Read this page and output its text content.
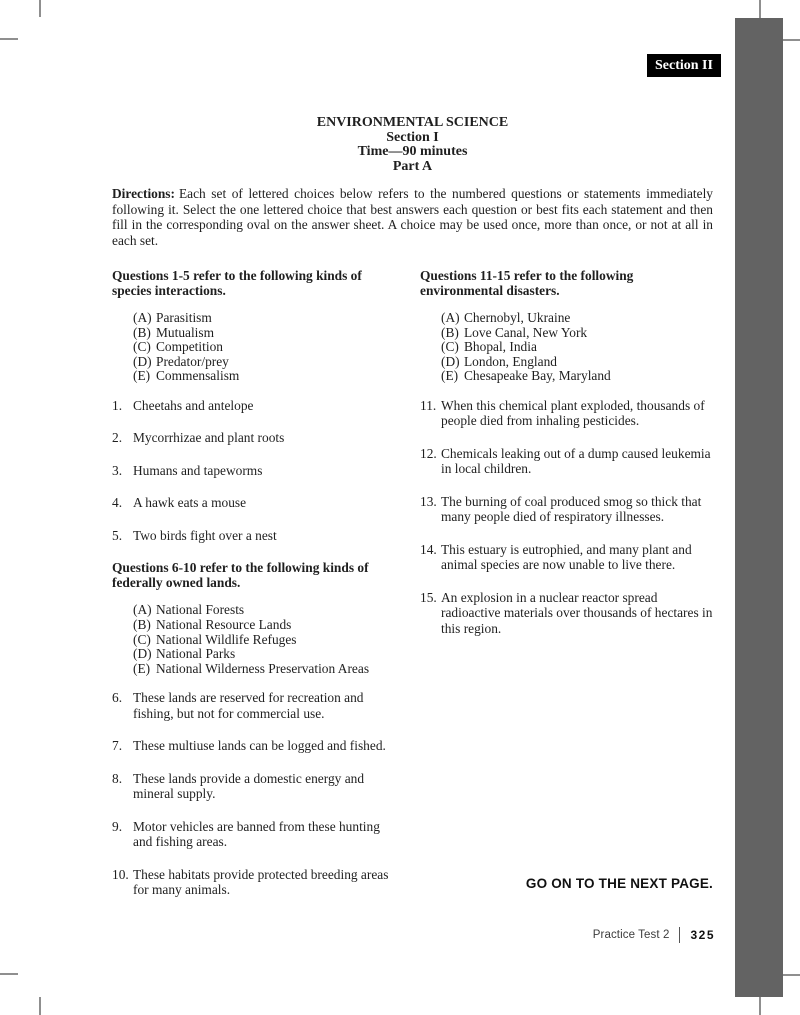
Section II
ENVIRONMENTAL SCIENCE
Section I
Time—90 minutes
Part A

Directions: Each set of lettered choices below refers to the numbered questions or statements immediately following it. Select the one lettered choice that best answers each question or best fits each statement and then fill in the corresponding oval on the answer sheet. A choice may be used once, more than once, or not at all in each set.

Questions 1-5 refer to the following kinds of species interactions.
(A) Parasitism
(B) Mutualism
(C) Competition
(D) Predator/prey
(E) Commensalism
1. Cheetahs and antelope
2. Mycorrhizae and plant roots
3. Humans and tapeworms
4. A hawk eats a mouse
5. Two birds fight over a nest
Questions 6-10 refer to the following kinds of federally owned lands.
(A) National Forests
(B) National Resource Lands
(C) National Wildlife Refuges
(D) National Parks
(E) National Wilderness Preservation Areas
6. These lands are reserved for recreation and fishing, but not for commercial use.
7. These multiuse lands can be logged and fished.
8. These lands provide a domestic energy and mineral supply.
9. Motor vehicles are banned from these hunting and fishing areas.
10. These habitats provide protected breeding areas for many animals.
Questions 11-15 refer to the following environmental disasters.
(A) Chernobyl, Ukraine
(B) Love Canal, New York
(C) Bhopal, India
(D) London, England
(E) Chesapeake Bay, Maryland
11. When this chemical plant exploded, thousands of people died from inhaling pesticides.
12. Chemicals leaking out of a dump caused leukemia in local children.
13. The burning of coal produced smog so thick that many people died of respiratory illnesses.
14. This estuary is eutrophied, and many plant and animal species are now unable to live there.
15. An explosion in a nuclear reactor spread radioactive materials over thousands of hectares in this region.
GO ON TO THE NEXT PAGE.
Practice Test 2 325
